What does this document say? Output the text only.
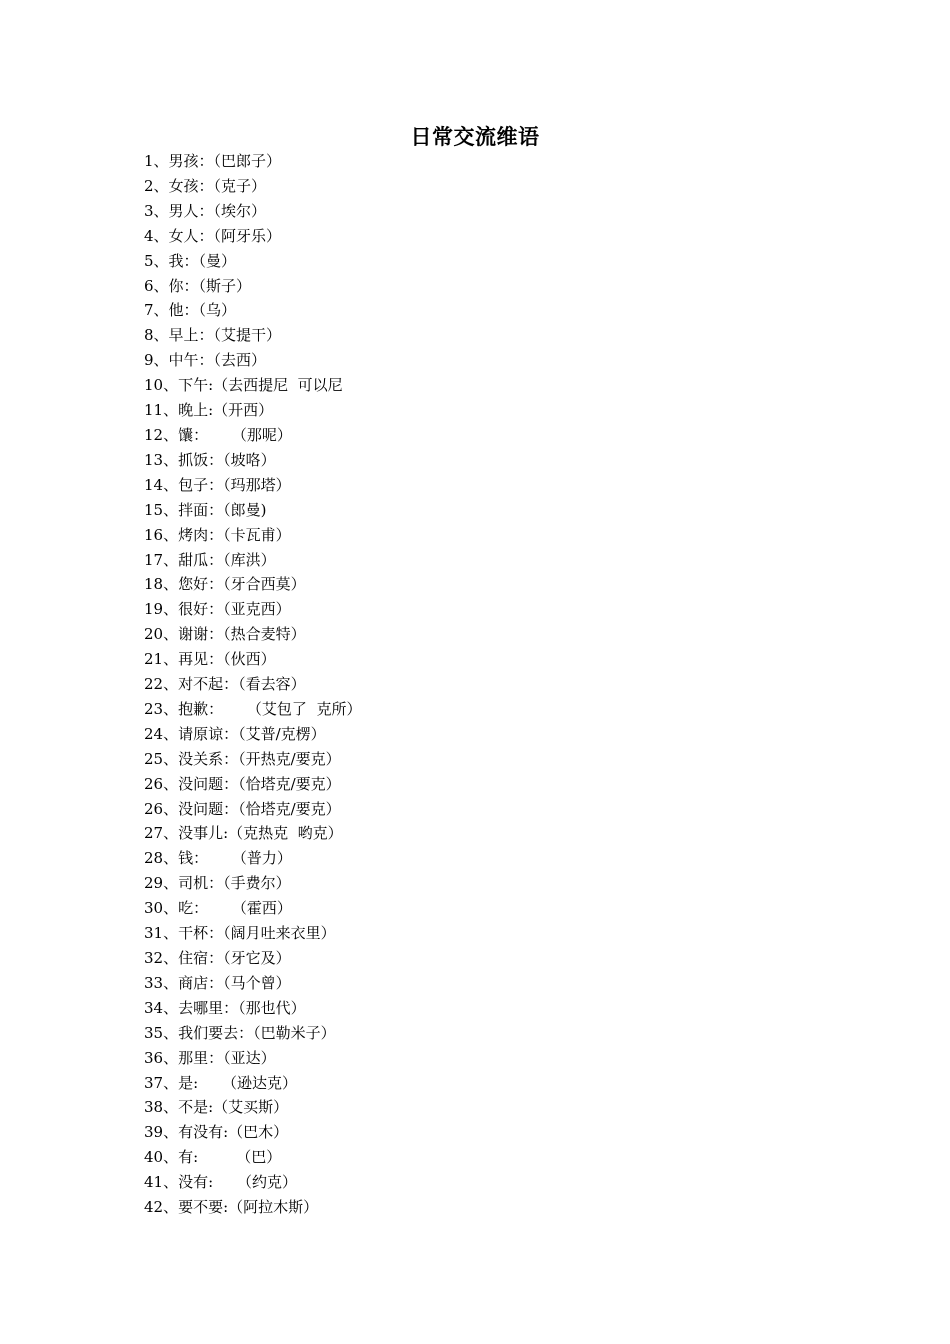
日常交流维语
1、男孩：（巴郎子）
2、女孩：（克子）
3、男人：（埃尔）
4、女人：（阿牙乐）
5、我：（曼）
6、你：（斯子）
7、他：（乌）
8、早上：（艾提干）
9、中午：（去西）
10、下午:（去西提尼  可以尼
11、晚上:（开西）
12、馕：     （那呢）
13、抓饭：（坡咯）
14、包子：（玛那塔）
15、拌面：（郎曼)
16、烤肉：（卡瓦甫）
17、甜瓜：（库洪）
18、您好：（牙合西莫）
19、很好：（亚克西）
20、谢谢：（热合麦特）
21、再见：（伙西）
22、对不起：（看去容）
23、抱歉：     （艾包了  克所）
24、请原谅：（艾普/克楞）
25、没关系：（开热克/要克）
26、没问题：（恰塔克/要克）
26、没问题：（恰塔克/要克）
27、没事儿:（克热克  哟克）
28、钱：     （普力）
29、司机：（手费尔）
30、吃：     （霍西）
31、干杯：（阔月吐来衣里）
32、住宿：（牙它及）
33、商店：（马个曾）
34、去哪里：（那也代）
35、我们要去：（巴勒米子）
36、那里：（亚达）
37、是:     （逊达克）
38、不是:（艾买斯）
39、有没有:（巴木）
40、有:        （巴）
41、没有:     （约克）
42、要不要:（阿拉木斯）
